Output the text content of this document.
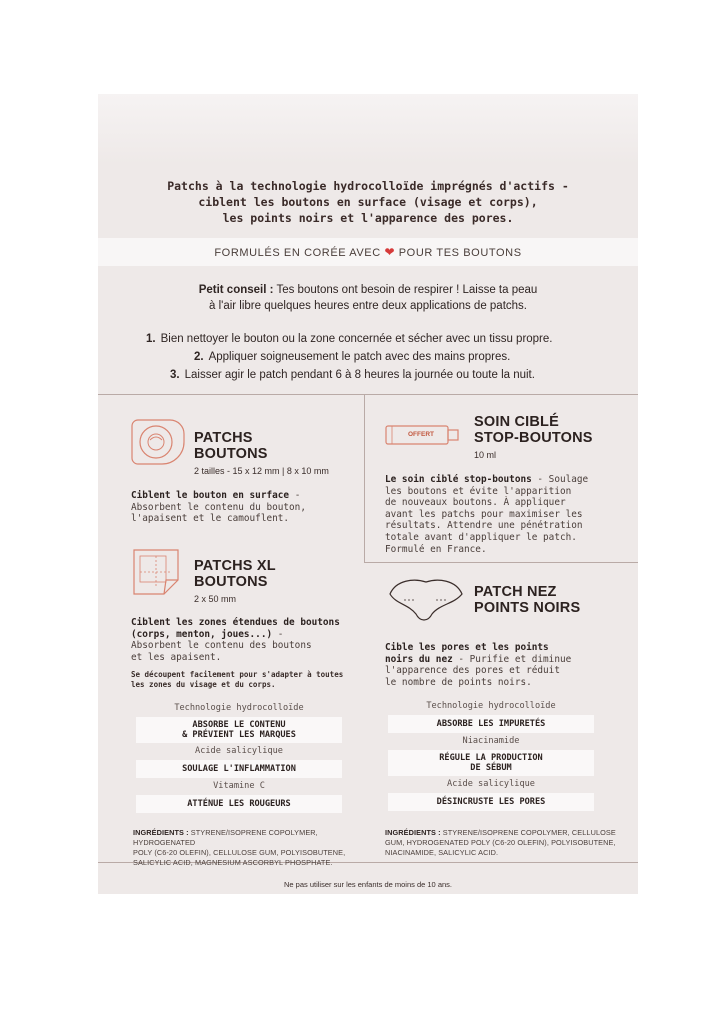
Patchs à la technologie hydrocolloïde imprégnés d'actifs -
ciblent les boutons en surface (visage et corps),
les points noirs et l'apparence des pores.
FORMULÉS EN CORÉE AVEC ❤ POUR TES BOUTONS
Petit conseil : Tes boutons ont besoin de respirer ! Laisse ta peau
à l'air libre quelques heures entre deux applications de patchs.
1. Bien nettoyer le bouton ou la zone concernée et sécher avec un tissu propre.
2. Appliquer soigneusement le patch avec des mains propres.
3. Laisser agir le patch pendant 6 à 8 heures la journée ou toute la nuit.
PATCHS
BOUTONS
2 tailles - 15 x 12 mm | 8 x 10 mm
Ciblent le bouton en surface -
Absorbent le contenu du bouton,
l'apaisent et le camouflent.
PATCHS XL
BOUTONS
2 x 50 mm
Ciblent les zones étendues de boutons
(corps, menton, joues...) -
Absorbent le contenu des boutons
et les apaisent.
Se découpent facilement pour s'adapter à toutes
les zones du visage et du corps.
OFFERT
SOIN CIBLÉ
STOP-BOUTONS
10 ml
Le soin ciblé stop-boutons - Soulage
les boutons et évite l'apparition
de nouveaux boutons. À appliquer
avant les patchs pour maximiser les
résultats. Attendre une pénétration
totale avant d'appliquer le patch.
Formulé en France.
PATCH NEZ
POINTS NOIRS
Cible les pores et les points
noirs du nez - Purifie et diminue
l'apparence des pores et réduit
le nombre de points noirs.
Technologie hydrocolloïde
ABSORBE LE CONTENU
& PRÉVIENT LES MARQUES
Acide salicylique
SOULAGE L'INFLAMMATION
Vitamine C
ATTÉNUE LES ROUGEURS
Technologie hydrocolloïde
ABSORBE LES IMPURETÉS
Niacinamide
RÉGULE LA PRODUCTION
DE SÉBUM
Acide salicylique
DÉSINCRUSTE LES PORES
INGRÉDIENTS : STYRENE/ISOPRENE COPOLYMER, HYDROGENATED
POLY (C6-20 OLEFIN), CELLULOSE GUM, POLYISOBUTENE,
SALICYLIC ACID, MAGNESIUM ASCORBYL PHOSPHATE.
INGRÉDIENTS : STYRENE/ISOPRENE COPOLYMER, CELLULOSE
GUM, HYDROGENATED POLY (C6-20 OLEFIN), POLYISOBUTENE,
NIACINAMIDE, SALICYLIC ACID.
Ne pas utiliser sur les enfants de moins de 10 ans.
